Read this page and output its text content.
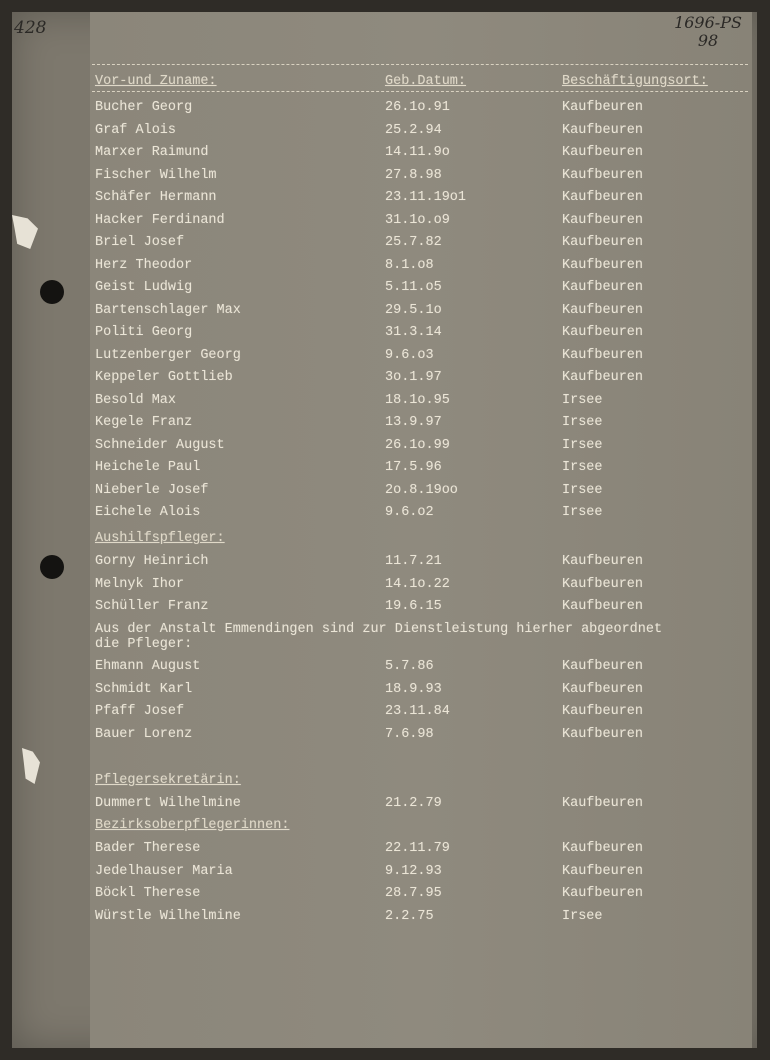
428	1696-PS
98
Vor-und Zuname:	Geb.Datum:	Beschäftigungsort:
Bucher Georg	26.1o.91	Kaufbeuren
Graf Alois	25.2.94	Kaufbeuren
Marxer Raimund	14.11.9o	Kaufbeuren
Fischer Wilhelm	27.8.98	Kaufbeuren
Schäfer Hermann	23.11.19o1	Kaufbeuren
Hacker Ferdinand	31.1o.o9	Kaufbeuren
Briel Josef	25.7.82	Kaufbeuren
Herz Theodor	8.1.o8	Kaufbeuren
Geist Ludwig	5.11.o5	Kaufbeuren
Bartenschlager Max	29.5.1o	Kaufbeuren
Politi Georg	31.3.14	Kaufbeuren
Lutzenberger Georg	9.6.o3	Kaufbeuren
Keppeler Gottlieb	3o.1.97	Kaufbeuren
Besold Max	18.1o.95	Irsee
Kegele Franz	13.9.97	Irsee
Schneider August	26.1o.99	Irsee
Heichele Paul	17.5.96	Irsee
Nieberle Josef	2o.8.19oo	Irsee
Eichele Alois	9.6.o2	Irsee
Aushilfspfleger:
Gorny Heinrich	11.7.21	Kaufbeuren
Melnyk Ihor	14.1o.22	Kaufbeuren
Schüller Franz	19.6.15	Kaufbeuren
Aus der Anstalt Emmendingen sind zur Dienstleistung hierher abgeordnet
die Pfleger:
Ehmann August	5.7.86	Kaufbeuren
Schmidt Karl	18.9.93	Kaufbeuren
Pfaff Josef	23.11.84	Kaufbeuren
Bauer Lorenz	7.6.98	Kaufbeuren
Pflegersekretärin:
Dummert Wilhelmine	21.2.79	Kaufbeuren
Bezirksoberpflegerinnen:
Bader Therese	22.11.79	Kaufbeuren
Jedelhauser Maria	9.12.93	Kaufbeuren
Böckl Therese	28.7.95	Kaufbeuren
Würstle Wilhelmine	2.2.75	Irsee
